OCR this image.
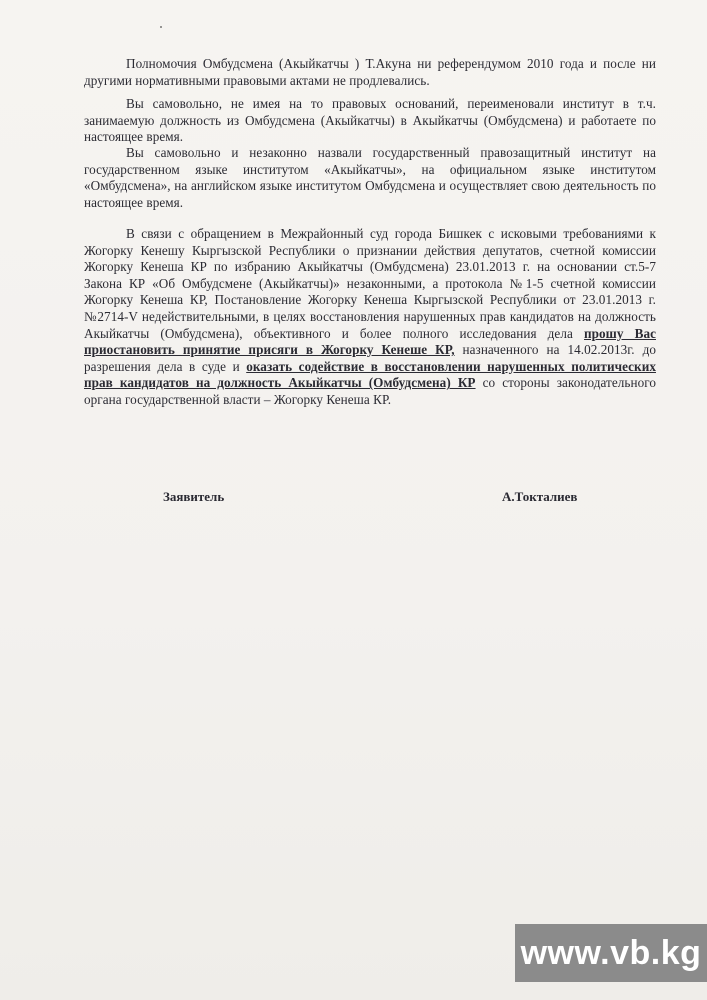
Полномочия Омбудсмена (Акыйкатчы ) Т.Акуна ни референдумом 2010 года и после ни другими нормативными правовыми актами не продлевались.

Вы самовольно, не имея на то правовых оснований, переименовали институт в т.ч. занимаемую должность из Омбудсмена (Акыйкатчы) в Акыйкатчы (Омбудсмена) и работаете по настоящее время.

Вы самовольно и незаконно назвали государственный правозащитный институт на государственном языке институтом «Акыйкатчы», на официальном языке институтом «Омбудсмена», на английском языке институтом Омбудсмена и осуществляет свою деятельность по настоящее время.

В связи с обращением в Межрайонный суд города Бишкек с исковыми требованиями к Жогорку Кенешу Кыргызской Республики о признании действия депутатов, счетной комиссии Жогорку Кенеша КР по избранию Акыйкатчы (Омбудсмена) 23.01.2013 г. на основании ст.5-7 Закона КР «Об Омбудсмене (Акыйкатчы)» незаконными, а протокола №1-5 счетной комиссии Жогорку Кенеша КР, Постановление Жогорку Кенеша Кыргызской Республики от 23.01.2013 г. №2714-V недействительными, в целях восстановления нарушенных прав кандидатов на должность Акыйкатчы (Омбудсмена), объективного и более полного исследования дела прошу Вас приостановить принятие присяги в Жогорку Кенеше КР, назначенного на 14.02.2013г. до разрешения дела в суде и оказать содействие в восстановлении нарушенных политических прав кандидатов на должность Акыйкатчы (Омбудсмена) КР со стороны законодательного органа государственной власти – Жогорку Кенеша КР.

Заявитель	А.Токталиев
www.vb.kg
